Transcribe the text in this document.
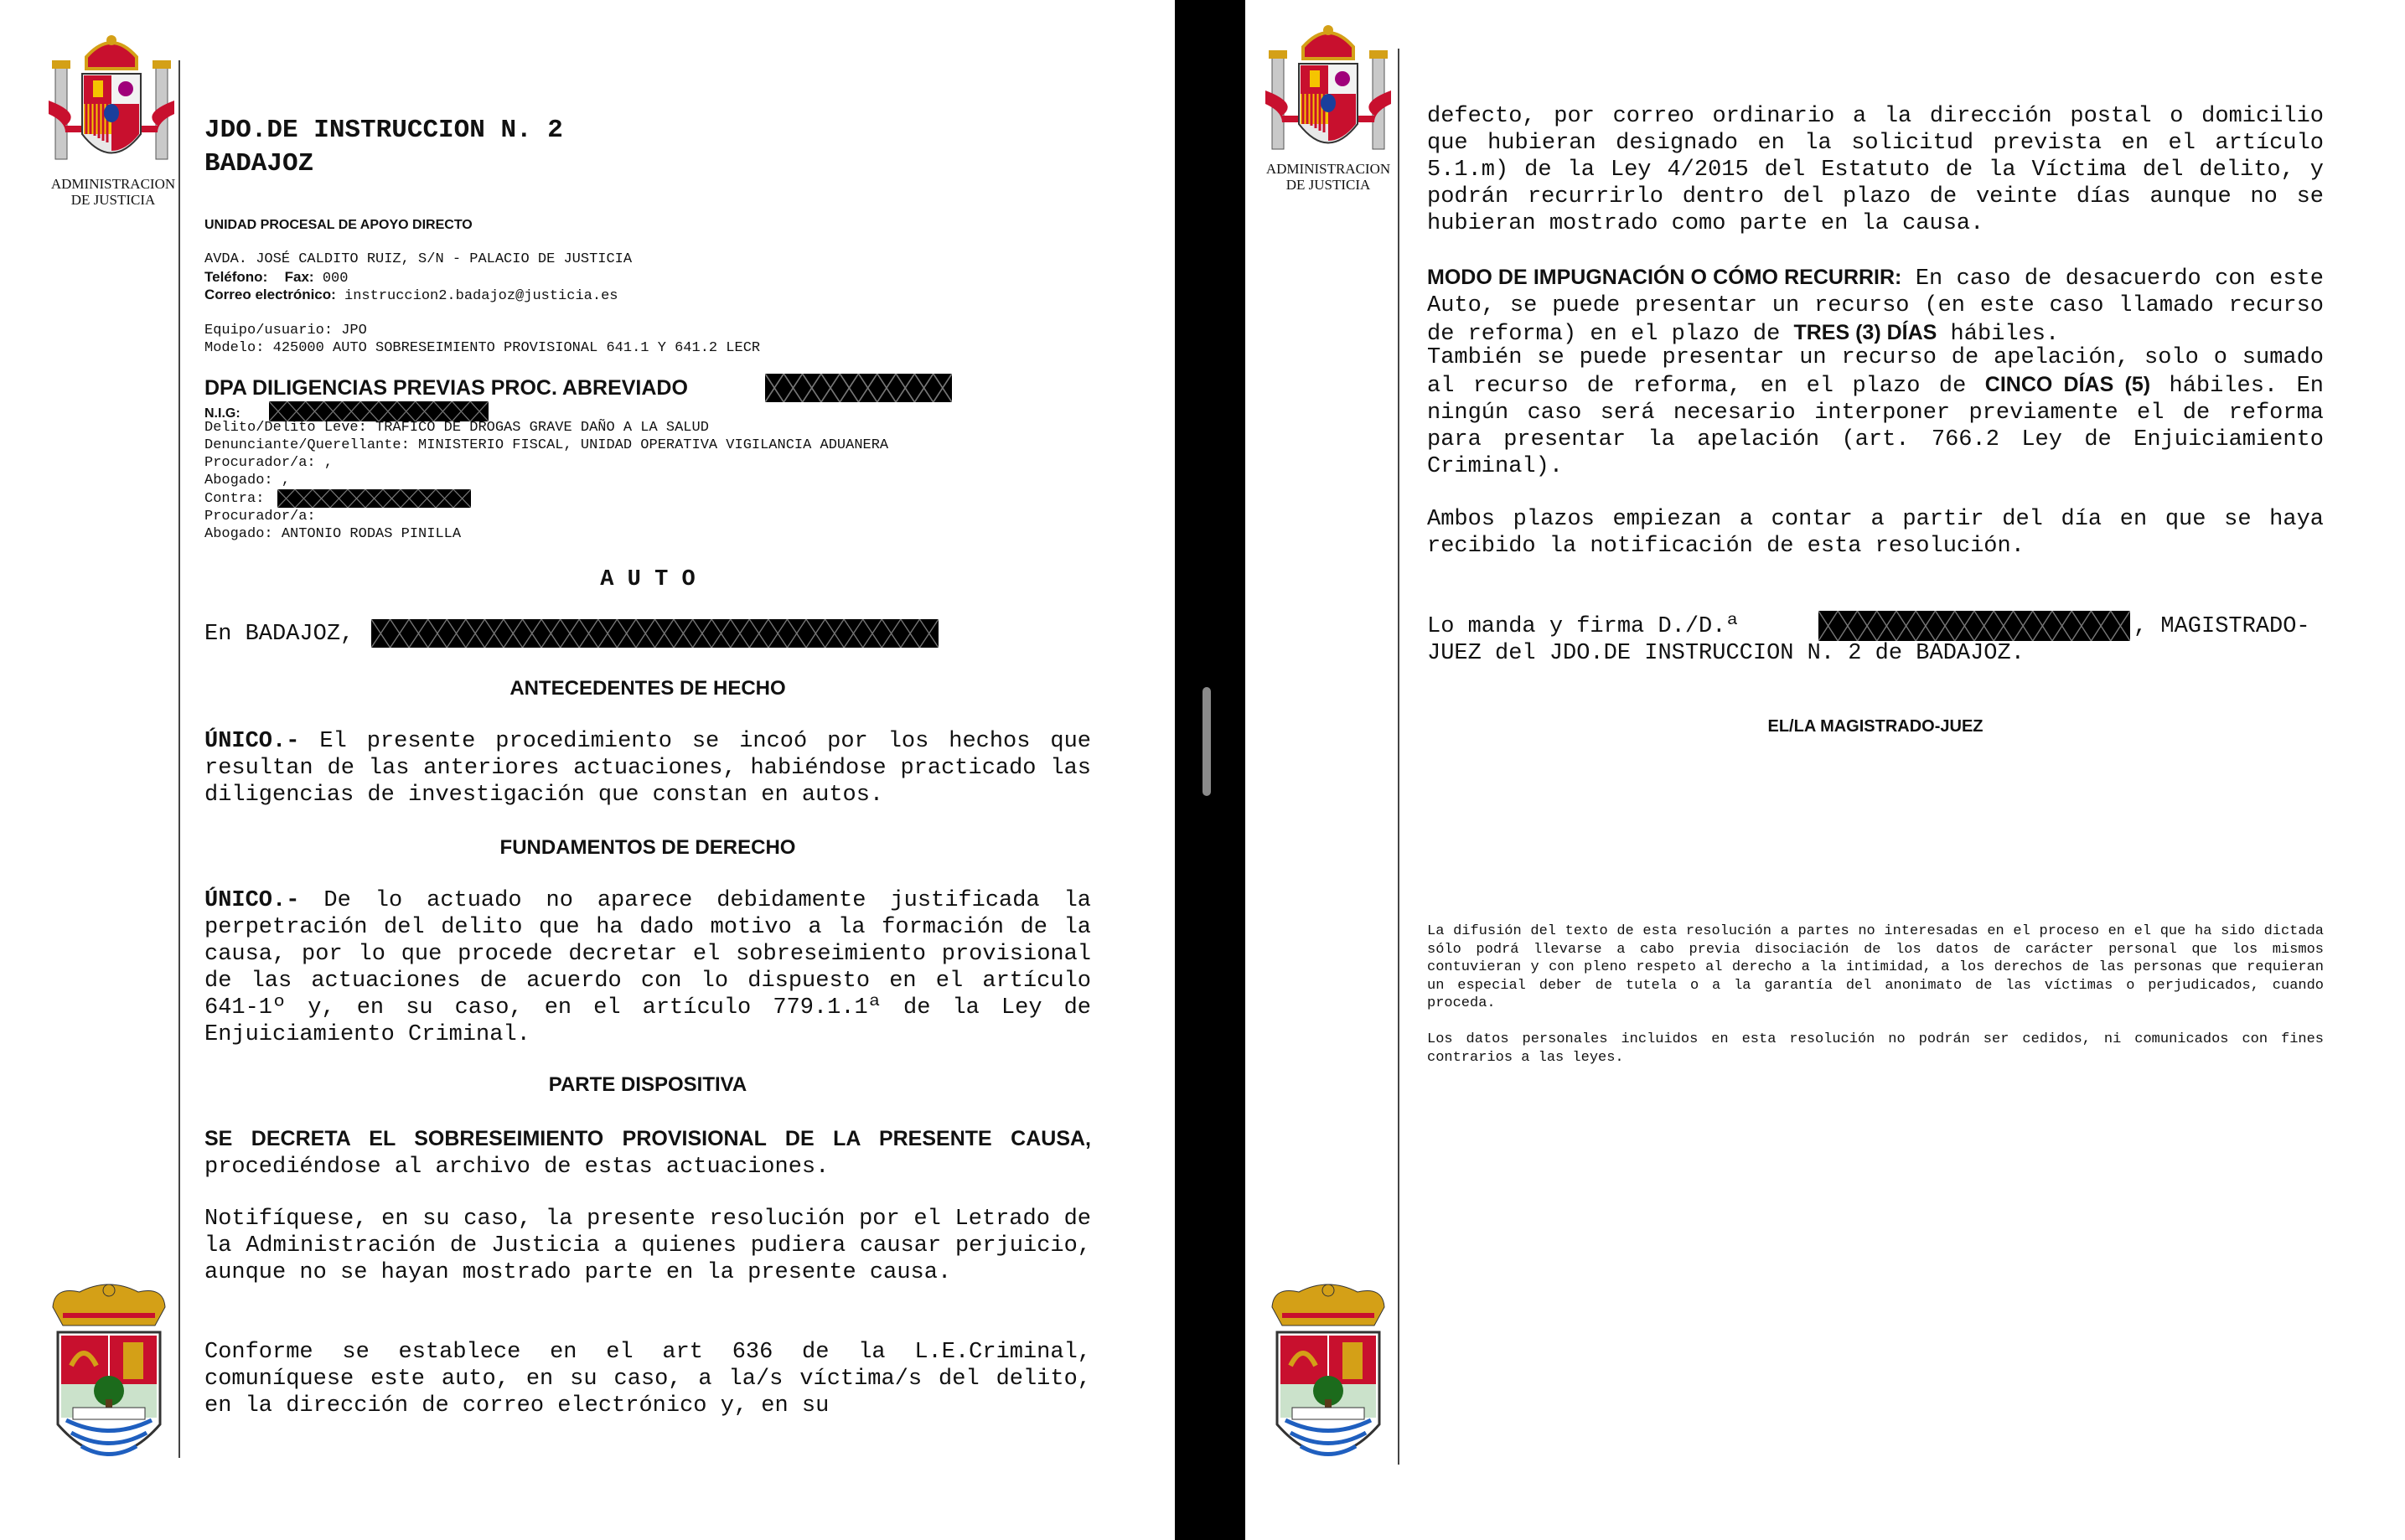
ADMINISTRACION
DE JUSTICIA
JDO.DE INSTRUCCION N. 2
BADAJOZ
UNIDAD PROCESAL DE APOYO DIRECTO
AVDA. JOSÉ CALDITO RUIZ, S/N - PALACIO DE JUSTICIA
Teléfono: Fax: 000
Correo electrónico: instruccion2.badajoz@justicia.es
Equipo/usuario: JPO
Modelo: 425000 AUTO SOBRESEIMIENTO PROVISIONAL 641.1 Y 641.2 LECR
DPA DILIGENCIAS PREVIAS PROC. ABREVIADO
N.I.G:
Delito/Delito Leve: TRAFICO DE DROGAS GRAVE DAÑO A LA SALUD
Denunciante/Querellante: MINISTERIO FISCAL, UNIDAD OPERATIVA VIGILANCIA ADUANERA
Procurador/a: ,
Abogado: ,
Contra:
Procurador/a:
Abogado: ANTONIO RODAS PINILLA
A U T O
En BADAJOZ,
ANTECEDENTES DE HECHO
ÚNICO.- El presente procedimiento se incoó por los hechos que resultan de las anteriores actuaciones, habiéndose practicado las diligencias de investigación que constan en autos.
FUNDAMENTOS DE DERECHO
ÚNICO.- De lo actuado no aparece debidamente justificada la perpetración del delito que ha dado motivo a la formación de la causa, por lo que procede decretar el sobreseimiento provisional de las actuaciones de acuerdo con lo dispuesto en el artículo 641-1º y, en su caso, en el artículo 779.1.1ª de la Ley de Enjuiciamiento Criminal.
PARTE DISPOSITIVA
SE DECRETA EL SOBRESEIMIENTO PROVISIONAL DE LA PRESENTE CAUSA, procediéndose al archivo de estas actuaciones.
Notifíquese, en su caso, la presente resolución por el Letrado de la Administración de Justicia a quienes pudiera causar perjuicio, aunque no se hayan mostrado parte en la presente causa.
Conforme se establece en el art 636 de la L.E.Criminal, comuníquese este auto, en su caso, a la/s víctima/s del delito, en la dirección de correo electrónico y, en su
ADMINISTRACION
DE JUSTICIA
defecto, por correo ordinario a la dirección postal o domicilio que hubieran designado en la solicitud prevista en el artículo 5.1.m) de la Ley 4/2015 del Estatuto de la Víctima del delito, y podrán recurrirlo dentro del plazo de veinte días aunque no se hubieran mostrado como parte en la causa.
MODO DE IMPUGNACIÓN O CÓMO RECURRIR: En caso de desacuerdo con este Auto, se puede presentar un recurso (en este caso llamado recurso de reforma) en el plazo de TRES (3) DÍAS hábiles.
También se puede presentar un recurso de apelación, solo o sumado al recurso de reforma, en el plazo de CINCO DÍAS (5) hábiles. En ningún caso será necesario interponer previamente el de reforma para presentar la apelación (art. 766.2 Ley de Enjuiciamiento Criminal).
Ambos plazos empiezan a contar a partir del día en que se haya recibido la notificación de esta resolución.
Lo manda y firma D./D.ª	, MAGISTRADO-
JUEZ del JDO.DE INSTRUCCION N. 2 de BADAJOZ.
EL/LA MAGISTRADO-JUEZ
La difusión del texto de esta resolución a partes no interesadas en el proceso en el que ha sido dictada sólo podrá llevarse a cabo previa disociación de los datos de carácter personal que los mismos contuvieran y con pleno respeto al derecho a la intimidad, a los derechos de las personas que requieran un especial deber de tutela o a la garantía del anonimato de las víctimas o perjudicados, cuando proceda.
Los datos personales incluidos en esta resolución no podrán ser cedidos, ni comunicados con fines contrarios a las leyes.
